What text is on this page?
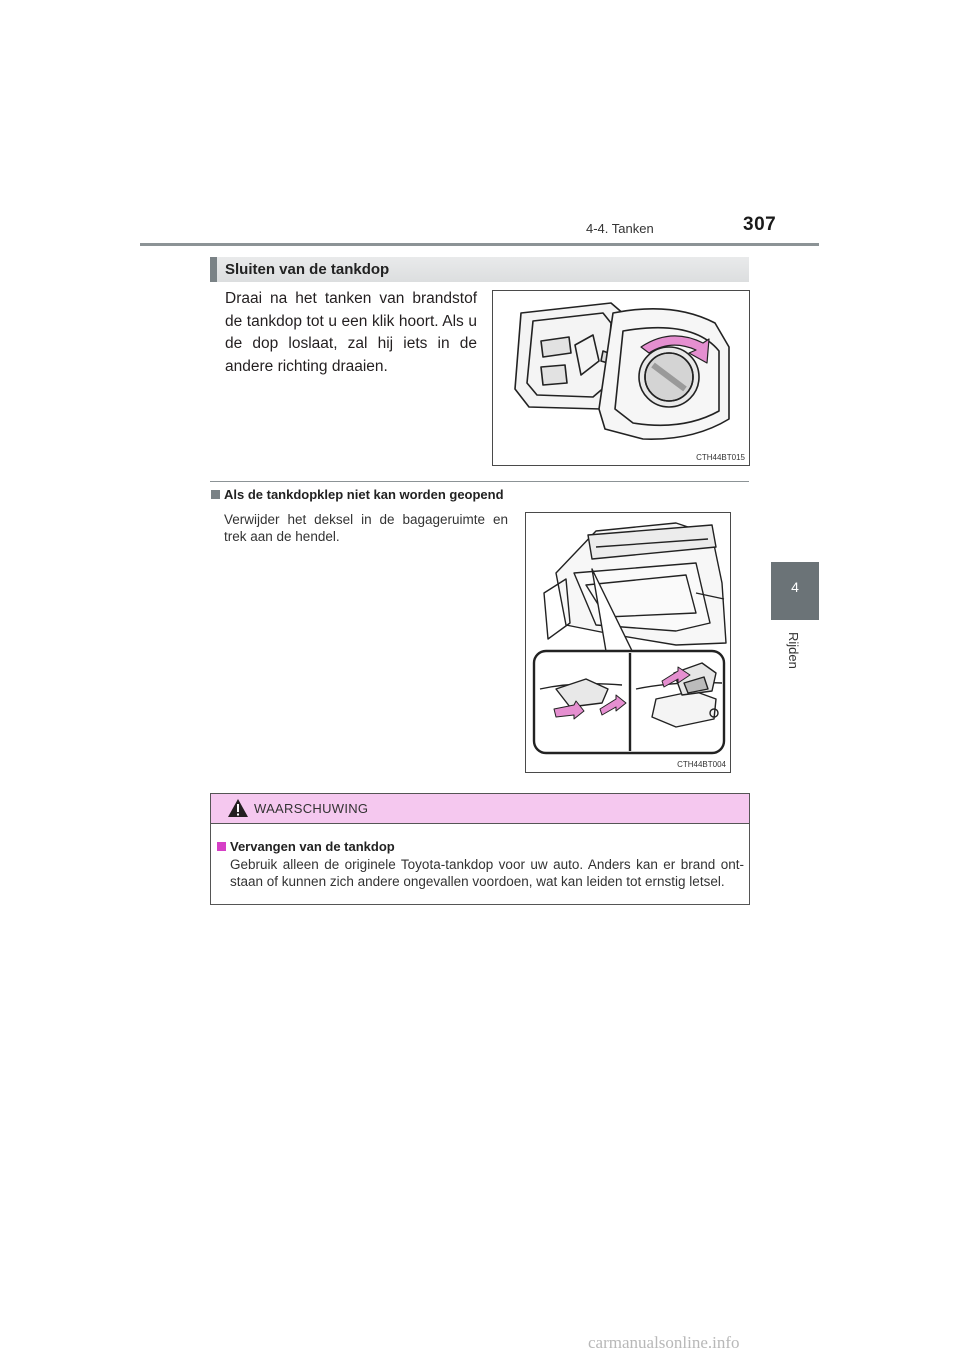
4-4. Tanken	307
4
Rijden
Sluiten van de tankdop
Draai na het tanken van brandstof de tankdop tot u een klik hoort. Als u de dop loslaat, zal hij iets in de andere richting draaien.
CTH44BT015
Als de tankdopklep niet kan worden geopend
Verwijder het deksel in de bagageruimte en trek aan de hendel.
CTH44BT004
WAARSCHUWING
Vervangen van de tankdop
Gebruik alleen de originele Toyota-tankdop voor uw auto. Anders kan er brand ont-staan of kunnen zich andere ongevallen voordoen, wat kan leiden tot ernstig letsel.
carmanualsonline.info
